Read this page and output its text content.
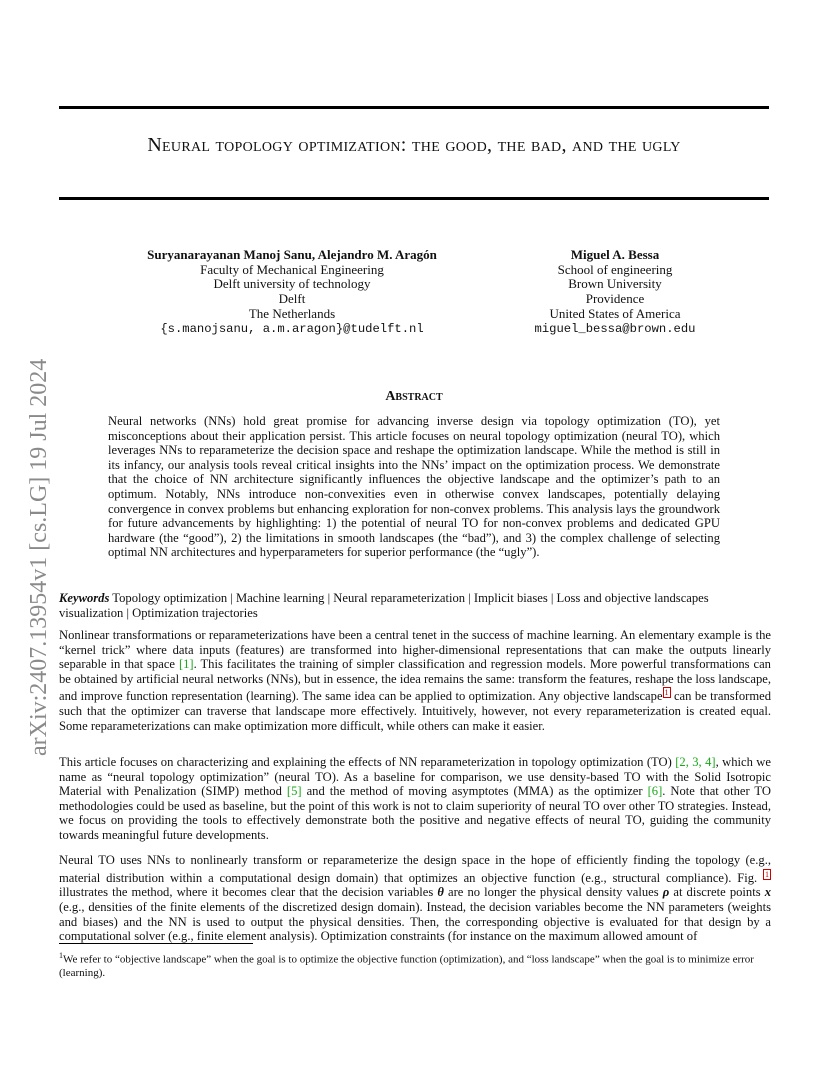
Neural topology optimization: the good, the bad, and the ugly
arXiv:2407.13954v1 [cs.LG] 19 Jul 2024
Suryanarayanan Manoj Sanu, Alejandro M. Aragón
Faculty of Mechanical Engineering
Delft university of technology
Delft
The Netherlands
{s.manojsanu, a.m.aragon}@tudelft.nl
Miguel A. Bessa
School of engineering
Brown University
Providence
United States of America
miguel_bessa@brown.edu
Abstract
Neural networks (NNs) hold great promise for advancing inverse design via topology optimization (TO), yet misconceptions about their application persist. This article focuses on neural topology optimization (neural TO), which leverages NNs to reparameterize the decision space and reshape the optimization landscape. While the method is still in its infancy, our analysis tools reveal critical insights into the NNs’ impact on the optimization process. We demonstrate that the choice of NN architecture significantly influences the objective landscape and the optimizer’s path to an optimum. Notably, NNs introduce non-convexities even in otherwise convex landscapes, potentially delaying convergence in convex problems but enhancing exploration for non-convex problems. This analysis lays the groundwork for future advancements by highlighting: 1) the potential of neural TO for non-convex problems and dedicated GPU hardware (the “good”), 2) the limitations in smooth landscapes (the “bad”), and 3) the complex challenge of selecting optimal NN architectures and hyperparameters for superior performance (the “ugly”).
Keywords Topology optimization | Machine learning | Neural reparameterization | Implicit biases | Loss and objective landscapes visualization | Optimization trajectories
Nonlinear transformations or reparameterizations have been a central tenet in the success of machine learning. An elementary example is the “kernel trick” where data inputs (features) are transformed into higher-dimensional representations that can make the outputs linearly separable in that space [1]. This facilitates the training of simpler classification and regression models. More powerful transformations can be obtained by artificial neural networks (NNs), but in essence, the idea remains the same: transform the features, reshape the loss landscape, and improve function representation (learning). The same idea can be applied to optimization. Any objective landscape $^1$ can be transformed such that the optimizer can traverse that landscape more effectively. Intuitively, however, not every reparameterization is created equal. Some reparameterizations can make optimization more difficult, while others can make it easier.
This article focuses on characterizing and explaining the effects of NN reparameterization in topology optimization (TO) [2, 3, 4], which we name as “neural topology optimization” (neural TO). As a baseline for comparison, we use density-based TO with the Solid Isotropic Material with Penalization (SIMP) method [5] and the method of moving asymptotes (MMA) as the optimizer [6]. Note that other TO methodologies could be used as baseline, but the point of this work is not to claim superiority of neural TO over other TO strategies. Instead, we focus on providing the tools to effectively demonstrate both the positive and negative effects of neural TO, guiding the community towards meaningful future developments.
Neural TO uses NNs to nonlinearly transform or reparameterize the design space in the hope of efficiently finding the topology (e.g., material distribution within a computational design domain) that optimizes an objective function (e.g., structural compliance). Fig. $^1$ illustrates the method, where it becomes clear that the decision variables θ are no longer the physical density values ρ at discrete points x (e.g., densities of the finite elements of the discretized design domain). Instead, the decision variables become the NN parameters (weights and biases) and the NN is used to output the physical densities. Then, the corresponding objective is evaluated for that design by a computational solver (e.g., finite element analysis). Optimization constraints (for instance on the maximum allowed amount of
$^1$We refer to “objective landscape” when the goal is to optimize the objective function (optimization), and “loss landscape” when the goal is to minimize error (learning).
